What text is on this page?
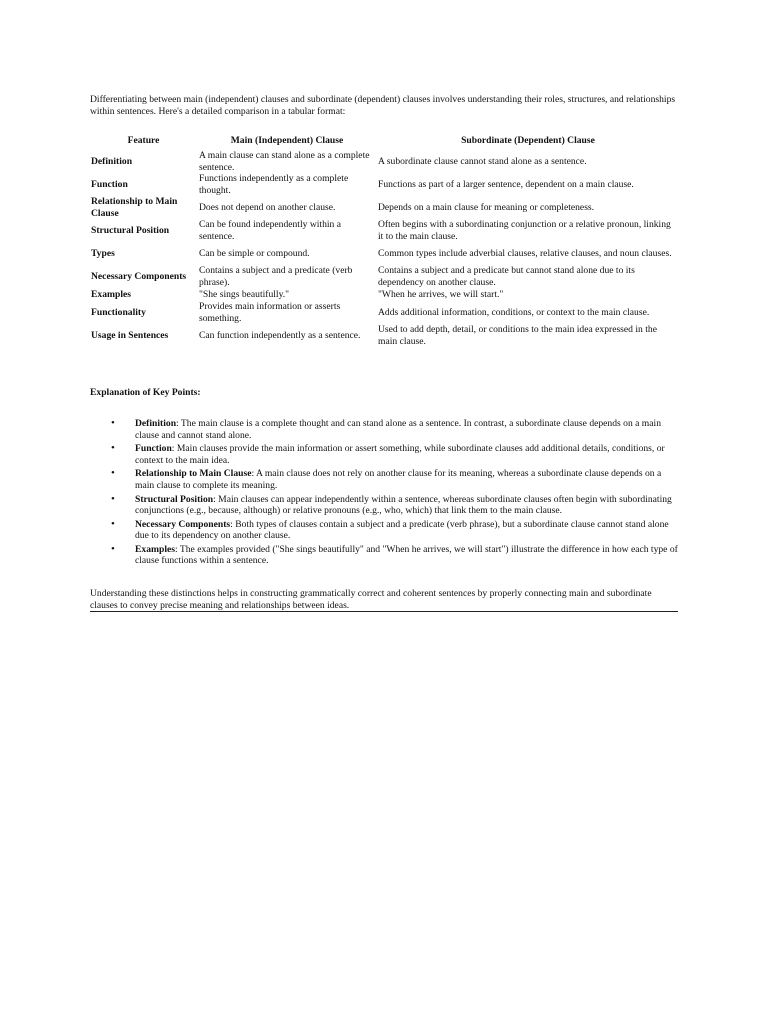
Differentiating between main (independent) clauses and subordinate (dependent) clauses involves understanding their roles, structures, and relationships within sentences. Here's a detailed comparison in a tabular format:

Feature	Main (Independent) Clause	Subordinate (Dependent) Clause
Definition	A main clause can stand alone as a complete sentence.	A subordinate clause cannot stand alone as a sentence.
Function	Functions independently as a complete thought.	Functions as part of a larger sentence, dependent on a main clause.
Relationship to Main Clause	Does not depend on another clause.	Depends on a main clause for meaning or completeness.
Structural Position	Can be found independently within a sentence.	Often begins with a subordinating conjunction or a relative pronoun, linking it to the main clause.
Types	Can be simple or compound.	Common types include adverbial clauses, relative clauses, and noun clauses.
Necessary Components	Contains a subject and a predicate (verb phrase).	Contains a subject and a predicate but cannot stand alone due to its dependency on another clause.
Examples	"She sings beautifully."	"When he arrives, we will start."
Functionality	Provides main information or asserts something.	Adds additional information, conditions, or context to the main clause.
Usage in Sentences	Can function independently as a sentence.	Used to add depth, detail, or conditions to the main idea expressed in the main clause.

Explanation of Key Points:

• Definition: The main clause is a complete thought and can stand alone as a sentence. In contrast, a subordinate clause depends on a main clause and cannot stand alone.
• Function: Main clauses provide the main information or assert something, while subordinate clauses add additional details, conditions, or context to the main idea.
• Relationship to Main Clause: A main clause does not rely on another clause for its meaning, whereas a subordinate clause depends on a main clause to complete its meaning.
• Structural Position: Main clauses can appear independently within a sentence, whereas subordinate clauses often begin with subordinating conjunctions (e.g., because, although) or relative pronouns (e.g., who, which) that link them to the main clause.
• Necessary Components: Both types of clauses contain a subject and a predicate (verb phrase), but a subordinate clause cannot stand alone due to its dependency on another clause.
• Examples: The examples provided ("She sings beautifully" and "When he arrives, we will start") illustrate the difference in how each type of clause functions within a sentence.

Understanding these distinctions helps in constructing grammatically correct and coherent sentences by properly connecting main and subordinate clauses to convey precise meaning and relationships between ideas.
